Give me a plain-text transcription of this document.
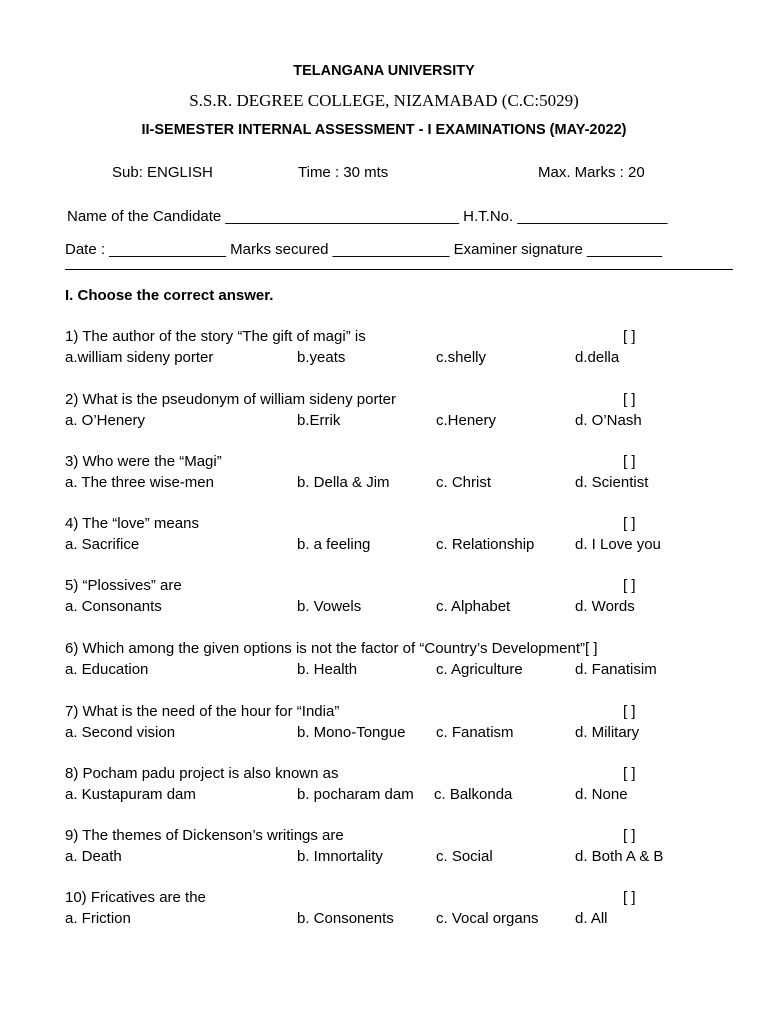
TELANGANA UNIVERSITY
S.S.R. DEGREE COLLEGE, NIZAMABAD (C.C:5029)
II-SEMESTER INTERNAL ASSESSMENT - I EXAMINATIONS (MAY-2022)
Sub: ENGLISH	Time : 30 mts	Max. Marks : 20
Name of the Candidate ____________________________ H.T.No. __________________
Date : ______________ Marks secured ______________ Examiner signature _________
I. Choose the correct answer.
1) The author of the story “The gift of magi” is	[ ]
a.william sideny porter	b.yeats	c.shelly	d.della
2) What is the pseudonym of william sideny porter	[ ]
a. O’Henery	b.Errik	c.Henery	d. O’Nash
3) Who were the “Magi”	[ ]
a. The three wise-men	b. Della & Jim	c. Christ	d. Scientist
4) The “love” means	[ ]
a. Sacrifice	b. a feeling	c. Relationship	d. I Love you
5) “Plossives” are	[ ]
a. Consonants	b. Vowels	c. Alphabet	d. Words
6) Which among the given options is not the factor of “Country’s Development”[ ]
a. Education	b. Health	c. Agriculture	d. Fanatisim
7) What is the need of the hour for “India”	[ ]
a. Second vision	b. Mono-Tongue c. Fanatism	d. Military
8) Pocham padu project is also known as	[ ]
a. Kustapuram dam	b. pocharam dam c. Balkonda	d. None
9) The themes of Dickenson’s writings are	[ ]
a. Death	b. Imnortality	c. Social	d. Both A & B
10) Fricatives are the	[ ]
a. Friction	b. Consonents	c. Vocal organs d. All
